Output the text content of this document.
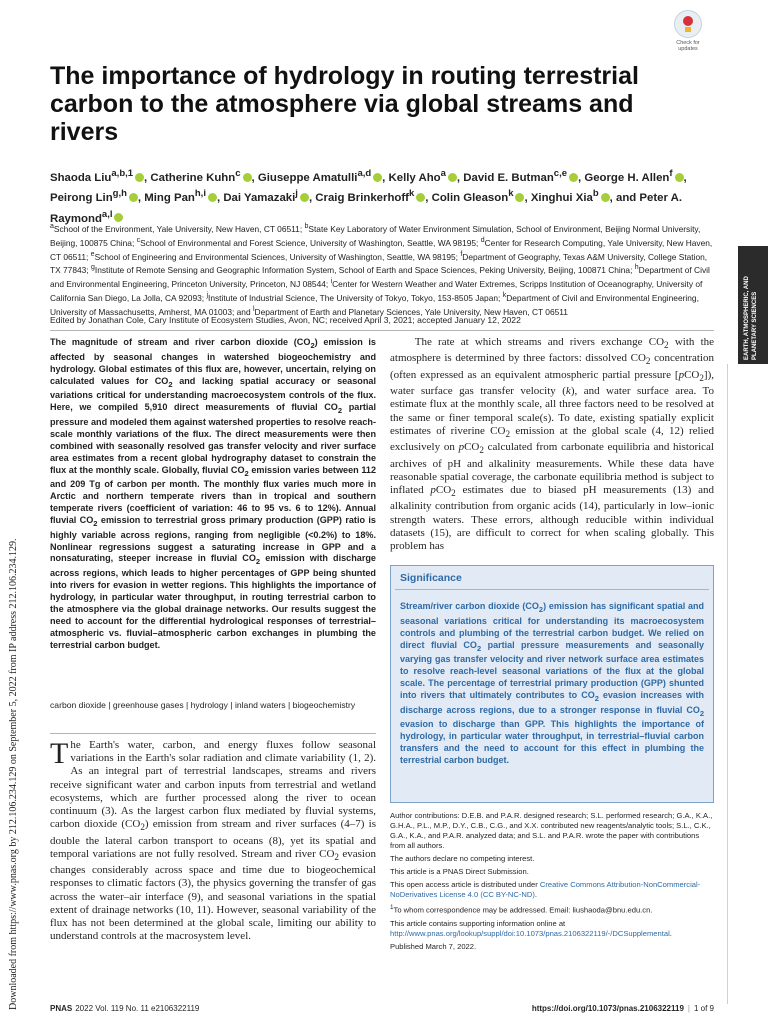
Check for updates
The importance of hydrology in routing terrestrial carbon to the atmosphere via global streams and rivers

Shaoda Liu$^{a,b,1}$ , Catherine Kuhn$^c$ , Giuseppe Amatulli$^{a,d}$ , Kelly Aho$^a$ , David E. Butman$^{c,e}$ , George H. Allen$^f$ , Peirong Lin$^{g,h}$ , Ming Pan$^{h,i}$ , Dai Yamazaki$^j$ , Craig Brinkerhoff$^k$ , Colin Gleason$^k$ , Xinghui Xia$^b$ , and Peter A. Raymond$^{a,l}$

$^a$School of the Environment, Yale University, New Haven, CT 06511; $^b$State Key Laboratory of Water Environment Simulation, School of Environment, Beijing Normal University, Beijing, 100875 China; $^c$School of Environmental and Forest Science, University of Washington, Seattle, WA 98195; $^d$Center for Research Computing, Yale University, New Haven, CT 06511; $^e$School of Engineering and Environmental Sciences, University of Washington, Seattle, WA 98195; $^f$Department of Geography, Texas A&M University, College Station, TX 77843; $^g$Institute of Remote Sensing and Geographic Information System, School of Earth and Space Sciences, Peking University, Beijing, 100871 China; $^h$Department of Civil and Environmental Engineering, Princeton University, Princeton, NJ 08544; $^i$Center for Western Weather and Water Extremes, Scripps Institution of Oceanography, University of California San Diego, La Jolla, CA 92093; $^j$Institute of Industrial Science, The University of Tokyo, Tokyo, 153-8505 Japan; $^k$Department of Civil and Environmental Engineering, University of Massachusetts, Amherst, MA 01003; and $^l$Department of Earth and Planetary Sciences, Yale University, New Haven, CT 06511

Edited by Jonathan Cole, Cary Institute of Ecosystem Studies, Avon, NC; received April 3, 2021; accepted January 12, 2022

The magnitude of stream and river carbon dioxide $(CO_2)$ emission is affected by seasonal changes in watershed biogeochemistry and hydrology. Global estimates of this flux are, however, uncertain, relying on calculated values for $CO_2$ and lacking spatial accuracy or seasonal variations critical for understanding macroecosystem controls of the flux. Here, we compiled 5,910 direct measurements of fluvial $CO_2$ partial pressure and modeled them against watershed properties to resolve reach-scale monthly variations of the flux. The direct measurements were then combined with seasonally resolved gas transfer velocity and river surface area estimates from a recent global hydrography dataset to constrain the flux at the monthly scale. Globally, fluvial $CO_2$ emission varies between 112 and 209 Tg of carbon per month. The monthly flux varies much more in Arctic and northern temperate rivers than in tropical and southern temperate rivers (coefficient of variation: 46 to 95 vs. 6 to 12%). Annual fluvial $CO_2$ emission to terrestrial gross primary production (GPP) ratio is highly variable across regions, ranging from negligible (<0.2%) to 18%. Nonlinear regressions suggest a saturating increase in GPP and a nonsaturating, steeper increase in fluvial $CO_2$ emission with discharge across regions, which leads to higher percentages of GPP being shunted into rivers for evasion in wetter regions. This highlights the importance of hydrology, in particular water throughput, in routing terrestrial carbon to the atmosphere via the global drainage networks. Our results suggest the need to account for the differential hydrological responses of terrestrial–atmospheric vs. fluvial–atmospheric carbon exchanges in plumbing the terrestrial carbon budget.

carbon dioxide | greenhouse gases | hydrology | inland waters | biogeochemistry

The Earth's water, carbon, and energy fluxes follow seasonal variations in the Earth's solar radiation and climate variability (1, 2). As an integral part of terrestrial landscapes, streams and rivers receive significant water and carbon inputs from terrestrial and wetland ecosystems, which are further processed along the river to ocean continuum (3). As the largest carbon flux mediated by fluvial systems, carbon dioxide $(CO_2)$ emission from stream and river surfaces (4–7) is double the lateral carbon transport to oceans (8), yet its spatial and temporal variations are not fully resolved. Stream and river $CO_2$ evasion changes considerably across space and time due to biogeochemical responses to climatic factors (3), the physics governing the transfer of gas across the water–air interface (9), and seasonal variations in the spatial extent of drainage networks (10, 11). However, seasonal variability of the flux has not been determined at the global scale, limiting our ability to understand controls at the macrosystem level.

The rate at which streams and rivers exchange $CO_2$ with the atmosphere is determined by three factors: dissolved $CO_2$ concentration (often expressed as an equivalent atmospheric partial pressure [pCO$_2$]), water surface gas transfer velocity (k), and water surface area. To estimate flux at the monthly scale, all three factors need to be resolved at the same or finer temporal scale(s). To date, existing spatially explicit estimates of riverine $CO_2$ emission at the global scale (4, 12) relied exclusively on pCO$_2$ calculated from carbonate equilibria and historical archives of pH and alkalinity measurements. While these data have reasonable spatial coverage, the carbonate equilibria method is subject to inflated pCO$_2$ estimates due to biased pH measurements (13) and alkalinity contribution from organic acids (14), particularly in low–ionic strength waters. These errors, although reducible within individual datasets (15), are difficult to correct for when scaling globally. This problem has

Significance

Stream/river carbon dioxide $(CO_2)$ emission has significant spatial and seasonal variations critical for understanding its macroecosystem controls and plumbing of the terrestrial carbon budget. We relied on direct fluvial $CO_2$ partial pressure measurements and seasonally varying gas transfer velocity and river network surface area estimates to resolve reach-level seasonal variations of the flux at the global scale. The percentage of terrestrial primary production (GPP) shunted into rivers that ultimately contributes to $CO_2$ evasion increases with discharge across regions, due to a stronger response in fluvial $CO_2$ evasion to discharge than GPP. This highlights the importance of hydrology, in particular water throughput, in terrestrial–fluvial carbon transfers and the need to account for this effect in plumbing the terrestrial carbon budget.

Author contributions: D.E.B. and P.A.R. designed research; S.L. performed research; G.A., K.A., G.H.A., P.L., M.P., D.Y., C.B., C.G., and X.X. contributed new reagents/analytic tools; S.L., C.K., G.A., K.A., and P.A.R. analyzed data; and S.L. and P.A.R. wrote the paper with contributions from all authors.

The authors declare no competing interest.

This article is a PNAS Direct Submission.

This open access article is distributed under Creative Commons Attribution-NonCommercial-NoDerivatives License 4.0 (CC BY-NC-ND).

$^1$To whom correspondence may be addressed. Email: liushaoda@bnu.edu.cn.

This article contains supporting information online at http://www.pnas.org/lookup/suppl/doi:10.1073/pnas.2106322119/-/DCSupplemental.

Published March 7, 2022.

EARTH, ATMOSPHERIC, AND PLANETARY SCIENCES
Downloaded from https://www.pnas.org by 212.106.234.129 on September 5, 2022 from IP address 212.106.234.129.	PNAS 2022 Vol. 119 No. 11 e2106322119	https://doi.org/10.1073/pnas.2106322119 | 1 of 9
